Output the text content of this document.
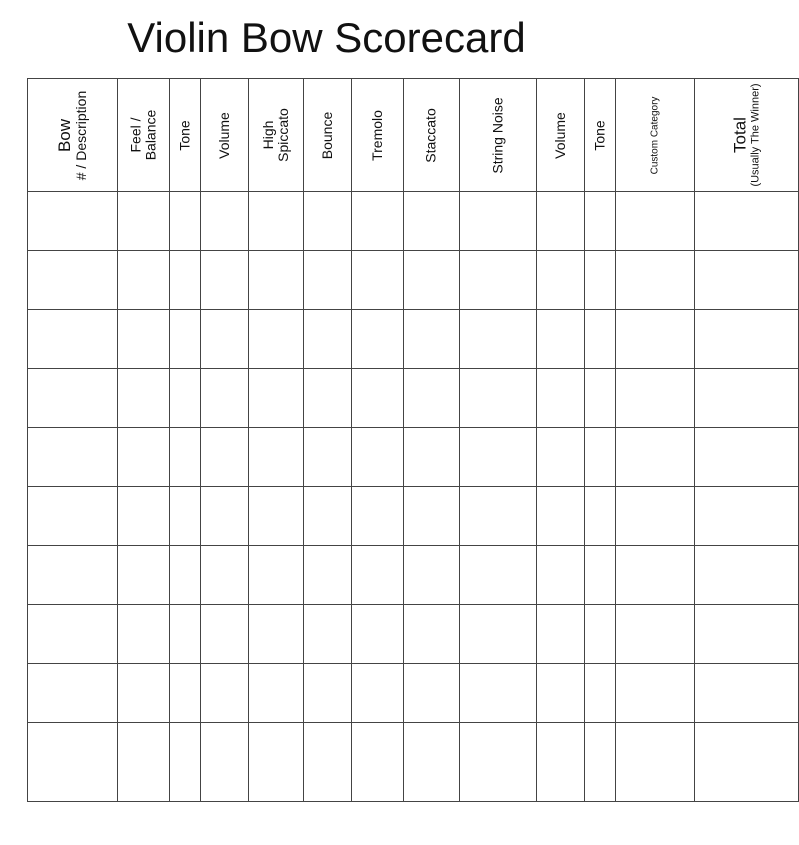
Violin Bow Scorecard
Bow # / Description	Feel / Balance	Tone	Volume	High Spiccato	Bounce	Tremolo	Staccato	String Noise	Volume	Tone	Custom Category	Total (Usually The Winner)
